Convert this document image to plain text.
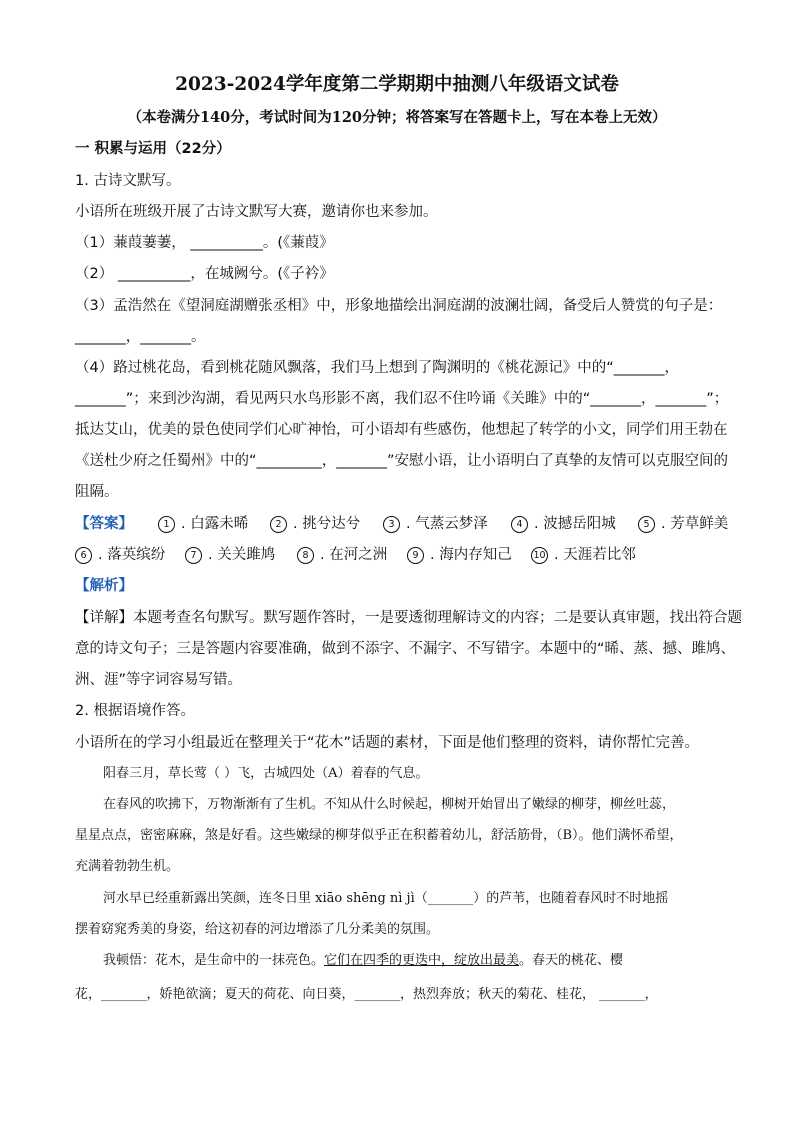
2023-2024学年度第二学期期中抽测八年级语文试卷
（本卷满分140分，考试时间为120分钟；将答案写在答题卡上，写在本卷上无效）
一 积累与运用（22分）
1. 古诗文默写。
小语所在班级开展了古诗文默写大赛，邀请你也来参加。
（1）蒹葭萋萋， __________。(《蒹葭》
（2） __________，在城阙兮。(《子衿》
（3）孟浩然在《望洞庭湖赠张丞相》中，形象地描绘出洞庭湖的波澜壮阔，备受后人赞赏的句子是：
_______，_______。
（4）路过桃花岛，看到桃花随风飘落，我们马上想到了陶渊明的《桃花源记》中的“_______，
_______”；来到沙沟湖，看见两只水鸟形影不离，我们忍不住吟诵《关雎》中的“_______，_______”；
抵达艾山，优美的景色使同学们心旷神怡，可小语却有些感伤，他想起了转学的小文，同学们用王勃在
《送杜少府之任蜀州》中的“_________，_______”安慰小语，让小语明白了真挚的友情可以克服空间的
阻隔。
【答案】	1 . 白露未晞	2 . 挑兮达兮	3 . 气蒸云梦泽	4 . 波撼岳阳城	5 . 芳草鲜美
6 . 落英缤纷	7 . 关关雎鸠	8 . 在河之洲	9 . 海内存知己 10 . 天涯若比邻
【解析】
【详解】本题考查名句默写。默写题作答时，一是要透彻理解诗文的内容；二是要认真审题，找出符合题
意的诗文句子；三是答题内容要准确，做到不添字、不漏字、不写错字。本题中的“晞、蒸、撼、雎鸠、
洲、涯”等字词容易写错。
2. 根据语境作答。
小语所在的学习小组最近在整理关于“花木”话题的素材，下面是他们整理的资料，请你帮忙完善。
阳春三月，草长莺（ ）飞，古城四处（A）着春的气息。
在春风的吹拂下，万物渐渐有了生机。不知从什么时候起，柳树开始冒出了嫩绿的柳芽，柳丝吐蕊，
星星点点，密密麻麻，煞是好看。这些嫩绿的柳芽似乎正在积蓄着幼儿，舒活筋骨，（B）。他们满怀希望，
充满着勃勃生机。
河水早已经重新露出笑颜，连冬日里 xiāo shēng nì jì（_______）的芦苇，也随着春风时不时地摇
摆着窈窕秀美的身姿，给这初春的河边增添了几分柔美的氛围。
我顿悟：花木，是生命中的一抹亮色。它们在四季的更迭中，绽放出最美。春天的桃花、樱
花，_______，娇艳欲滴；夏天的荷花、向日葵，_______，热烈奔放；秋天的菊花、桂花， _______，
